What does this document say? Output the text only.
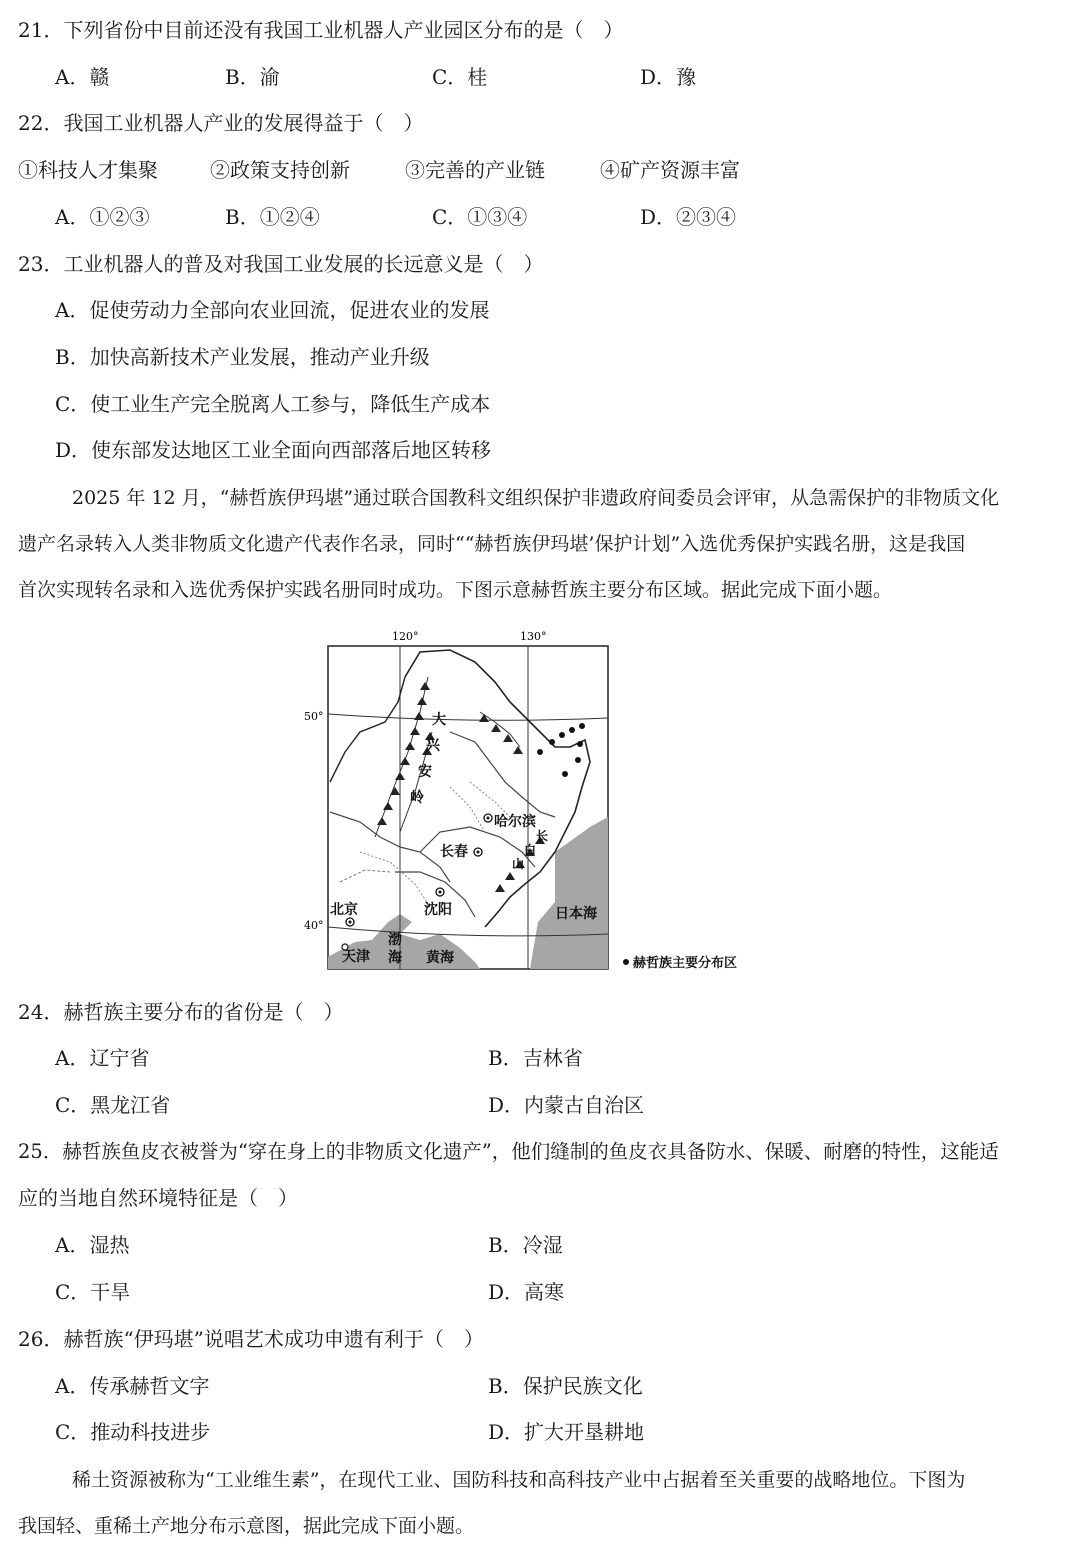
21．下列省份中目前还没有我国工业机器人产业园区分布的是（　）
A．赣	B．渝	C．桂	D．豫
22．我国工业机器人产业的发展得益于（　）
①科技人才集聚	②政策支持创新	③完善的产业链	④矿产资源丰富
A．①②③	B．①②④	C．①③④	D．②③④
23．工业机器人的普及对我国工业发展的长远意义是（　）
A．促使劳动力全部向农业回流，促进农业的发展
B．加快高新技术产业发展，推动产业升级
C．使工业生产完全脱离人工参与，降低生产成本
D．使东部发达地区工业全面向西部落后地区转移
2025 年 12 月，“赫哲族伊玛堪”通过联合国教科文组织保护非遗政府间委员会评审，从急需保护的非物质文化
遗产名录转入人类非物质文化遗产代表作名录，同时““赫哲族伊玛堪’保护计划”入选优秀保护实践名册，这是我国
首次实现转名录和入选优秀保护实践名册同时成功。下图示意赫哲族主要分布区域。据此完成下面小题。
120°	130°
50°
40°
大
兴
安
岭
长
白
山
哈尔滨
长春
沈阳
北京
天津
渤
海 黄海
日本海
赫哲族主要分布区
24．赫哲族主要分布的省份是（　）
A．辽宁省	B．吉林省
C．黑龙江省	D．内蒙古自治区
25．赫哲族鱼皮衣被誉为“穿在身上的非物质文化遗产”，他们缝制的鱼皮衣具备防水、保暖、耐磨的特性，这能适
应的当地自然环境特征是（　）
A．湿热	B．冷湿
C．干旱	D．高寒
26．赫哲族“伊玛堪”说唱艺术成功申遗有利于（　）
A．传承赫哲文字	B．保护民族文化
C．推动科技进步	D．扩大开垦耕地
稀土资源被称为“工业维生素”，在现代工业、国防科技和高科技产业中占据着至关重要的战略地位。下图为
我国轻、重稀土产地分布示意图，据此完成下面小题。
